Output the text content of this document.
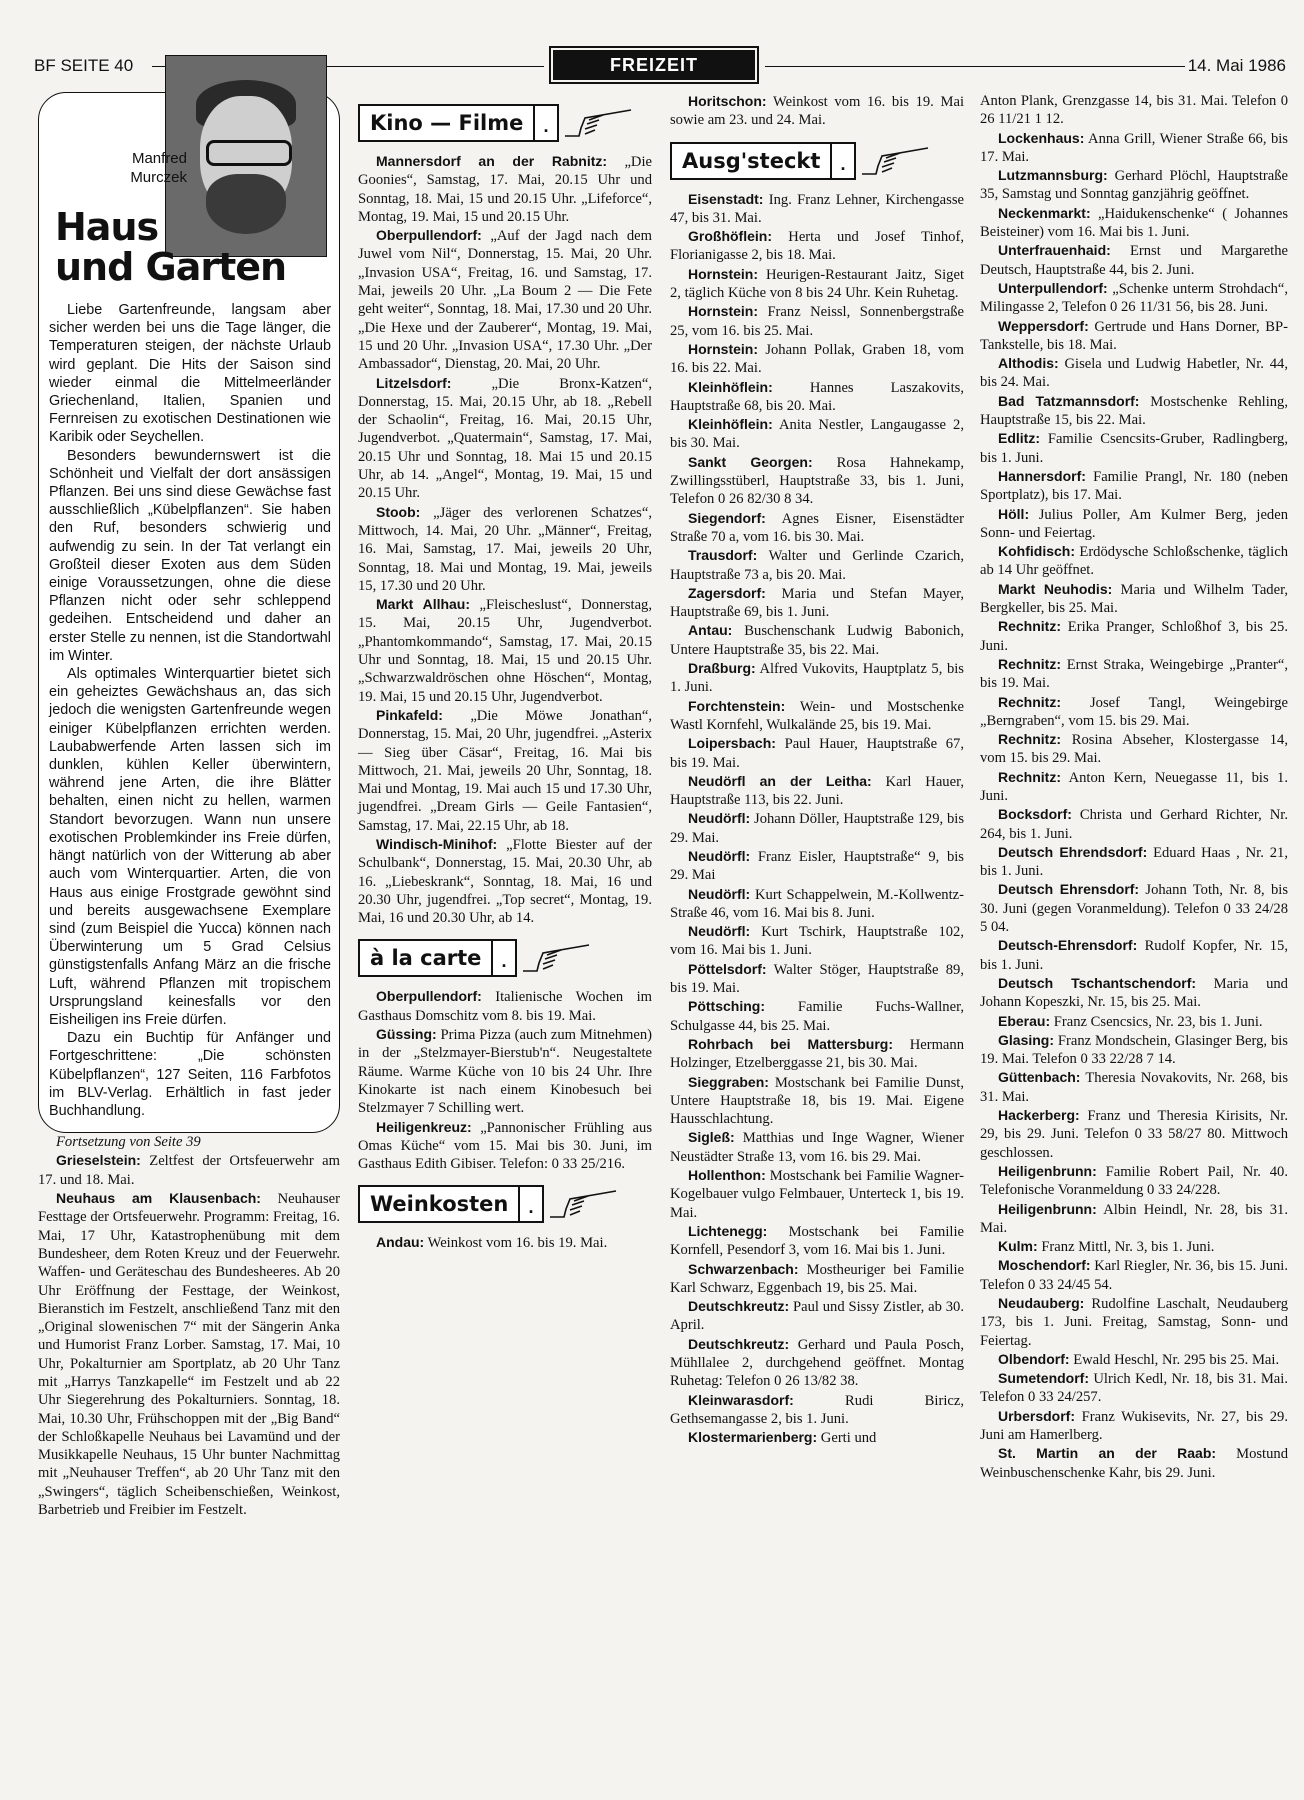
BF SEITE 40	FREIZEIT	14. Mai 1986
Manfred
Murczek
Haus
und Garten

Liebe Gartenfreunde, langsam aber sicher werden bei uns die Tage länger, die Temperaturen steigen, der nächste Urlaub wird geplant. Die Hits der Saison sind wieder einmal die Mittelmeerländer Griechenland, Italien, Spanien und Fernreisen zu exotischen Destinationen wie Karibik oder Seychellen.

Besonders bewundernswert ist die Schönheit und Vielfalt der dort ansässigen Pflanzen. Bei uns sind diese Gewächse fast ausschließlich „Kübelpflanzen“. Sie haben den Ruf, besonders schwierig und aufwendig zu sein. In der Tat verlangt ein Großteil dieser Exoten aus dem Süden einige Voraussetzungen, ohne die diese Pflanzen nicht oder sehr schleppend gedeihen. Entscheidend und daher an erster Stelle zu nennen, ist die Standortwahl im Winter.

Als optimales Winterquartier bietet sich ein geheiztes Gewächshaus an, das sich jedoch die wenigsten Gartenfreunde wegen einiger Kübelpflanzen errichten werden. Laubabwerfende Arten lassen sich im dunklen, kühlen Keller überwintern, während jene Arten, die ihre Blätter behalten, einen nicht zu hellen, warmen Standort bevorzugen. Wann nun unsere exotischen Problemkinder ins Freie dürfen, hängt natürlich von der Witterung ab aber auch vom Winterquartier. Arten, die von Haus aus einige Frostgrade gewöhnt sind und bereits ausgewachsene Exemplare sind (zum Beispiel die Yucca) können nach Überwinterung um 5 Grad Celsius günstigstenfalls Anfang März an die frische Luft, während Pflanzen mit tropischem Ursprungsland keinesfalls vor den Eisheiligen ins Freie dürfen.

Dazu ein Buchtip für Anfänger und Fortgeschrittene: „Die schönsten Kübelpflanzen“, 127 Seiten, 116 Farbfotos im BLV-Verlag. Erhältlich in fast jeder Buchhandlung.

Fortsetzung von Seite 39

Grieselstein: Zeltfest der Ortsfeuerwehr am 17. und 18. Mai.

Neuhaus am Klausenbach: Neuhauser Festtage der Ortsfeuerwehr. Programm: Freitag, 16. Mai, 17 Uhr, Katastrophenübung mit dem Bundesheer, dem Roten Kreuz und der Feuerwehr. Waffen- und Geräteschau des Bundesheeres. Ab 20 Uhr Eröffnung der Festtage, der Weinkost, Bieranstich im Festzelt, anschließend Tanz mit den „Original slowenischen 7“ mit der Sängerin Anka und Humorist Franz Lorber. Samstag, 17. Mai, 10 Uhr, Pokalturnier am Sportplatz, ab 20 Uhr Tanz mit „Harrys Tanzkapelle“ im Festzelt und ab 22 Uhr Siegerehrung des Pokalturniers. Sonntag, 18. Mai, 10.30 Uhr, Frühschoppen mit der „Big Band“ der Schloßkapelle Neuhaus bei Lavamünd und der Musikkapelle Neuhaus, 15 Uhr bunter Nachmittag mit „Neuhauser Treffen“, ab 20 Uhr Tanz mit den „Swingers“, täglich Scheibenschießen, Weinkost, Barbetrieb und Freibier im Festzelt.

Kino — Filme	.

Mannersdorf an der Rabnitz: „Die Goonies“, Samstag, 17. Mai, 20.15 Uhr und Sonntag, 18. Mai, 15 und 20.15 Uhr. „Lifeforce“, Montag, 19. Mai, 15 und 20.15 Uhr.

Oberpullendorf: „Auf der Jagd nach dem Juwel vom Nil“, Donnerstag, 15. Mai, 20 Uhr. „Invasion USA“, Freitag, 16. und Samstag, 17. Mai, jeweils 20 Uhr. „La Boum 2 — Die Fete geht weiter“, Sonntag, 18. Mai, 17.30 und 20 Uhr. „Die Hexe und der Zauberer“, Montag, 19. Mai, 15 und 20 Uhr. „Invasion USA“, 17.30 Uhr. „Der Ambassador“, Dienstag, 20. Mai, 20 Uhr.

Litzelsdorf: „Die Bronx-Katzen“, Donnerstag, 15. Mai, 20.15 Uhr, ab 18. „Rebell der Schaolin“, Freitag, 16. Mai, 20.15 Uhr, Jugendverbot. „Quatermain“, Samstag, 17. Mai, 20.15 Uhr und Sonntag, 18. Mai 15 und 20.15 Uhr, ab 14. „Angel“, Montag, 19. Mai, 15 und 20.15 Uhr.

Stoob: „Jäger des verlorenen Schatzes“, Mittwoch, 14. Mai, 20 Uhr. „Männer“, Freitag, 16. Mai, Samstag, 17. Mai, jeweils 20 Uhr, Sonntag, 18. Mai und Montag, 19. Mai, jeweils 15, 17.30 und 20 Uhr.

Markt Allhau: „Fleischeslust“, Donnerstag, 15. Mai, 20.15 Uhr, Jugendverbot. „Phantomkommando“, Samstag, 17. Mai, 20.15 Uhr und Sonntag, 18. Mai, 15 und 20.15 Uhr. „Schwarzwaldröschen ohne Höschen“, Montag, 19. Mai, 15 und 20.15 Uhr, Jugendverbot.

Pinkafeld: „Die Möwe Jonathan“, Donnerstag, 15. Mai, 20 Uhr, jugendfrei. „Asterix — Sieg über Cäsar“, Freitag, 16. Mai bis Mittwoch, 21. Mai, jeweils 20 Uhr, Sonntag, 18. Mai und Montag, 19. Mai auch 15 und 17.30 Uhr, jugendfrei. „Dream Girls — Geile Fantasien“, Samstag, 17. Mai, 22.15 Uhr, ab 18.

Windisch-Minihof: „Flotte Biester auf der Schulbank“, Donnerstag, 15. Mai, 20.30 Uhr, ab 16. „Liebeskrank“, Sonntag, 18. Mai, 16 und 20.30 Uhr, jugendfrei. „Top secret“, Montag, 19. Mai, 16 und 20.30 Uhr, ab 14.

à la carte	.

Oberpullendorf: Italienische Wochen im Gasthaus Domschitz vom 8. bis 19. Mai.

Güssing: Prima Pizza (auch zum Mitnehmen) in der „Stelzmayer-Bierstub'n“. Neugestaltete Räume. Warme Küche von 10 bis 24 Uhr. Ihre Kinokarte ist nach einem Kinobesuch bei Stelzmayer 7 Schilling wert.

Heiligenkreuz: „Pannonischer Frühling aus Omas Küche“ vom 15. Mai bis 30. Juni, im Gasthaus Edith Gibiser. Telefon: 0 33 25/216.

Weinkosten	.

Andau: Weinkost vom 16. bis 19. Mai.

Horitschon: Weinkost vom 16. bis 19. Mai sowie am 23. und 24. Mai.

Ausg'steckt	.

Eisenstadt: Ing. Franz Lehner, Kirchengasse 47, bis 31. Mai.

Großhöflein: Herta und Josef Tinhof, Florianigasse 2, bis 18. Mai.

Hornstein: Heurigen-Restaurant Jaitz, Siget 2, täglich Küche von 8 bis 24 Uhr. Kein Ruhetag.

Hornstein: Franz Neissl, Sonnenbergstraße 25, vom 16. bis 25. Mai.

Hornstein: Johann Pollak, Graben 18, vom 16. bis 22. Mai.

Kleinhöflein: Hannes Laszakovits, Hauptstraße 68, bis 20. Mai.

Kleinhöflein: Anita Nestler, Langaugasse 2, bis 30. Mai.

Sankt Georgen: Rosa Hahnekamp, Zwillingsstüberl, Hauptstraße 33, bis 1. Juni, Telefon 0 26 82/30 8 34.

Siegendorf: Agnes Eisner, Eisenstädter Straße 70 a, vom 16. bis 30. Mai.

Trausdorf: Walter und Gerlinde Czarich, Hauptstraße 73 a, bis 20. Mai.

Zagersdorf: Maria und Stefan Mayer, Hauptstraße 69, bis 1. Juni.

Antau: Buschenschank Ludwig Babonich, Untere Hauptstraße 35, bis 22. Mai.

Draßburg: Alfred Vukovits, Hauptplatz 5, bis 1. Juni.

Forchtenstein: Wein- und Mostschenke Wastl Kornfehl, Wulkalände 25, bis 19. Mai.

Loipersbach: Paul Hauer, Hauptstraße 67, bis 19. Mai.

Neudörfl an der Leitha: Karl Hauer, Hauptstraße 113, bis 22. Juni.

Neudörfl: Johann Döller, Hauptstraße 129, bis 29. Mai.

Neudörfl: Franz Eisler, Hauptstraße“ 9, bis 29. Mai

Neudörfl: Kurt Schappelwein, M.-Kollwentz-Straße 46, vom 16. Mai bis 8. Juni.

Neudörfl: Kurt Tschirk, Hauptstraße 102, vom 16. Mai bis 1. Juni.

Pöttelsdorf: Walter Stöger, Hauptstraße 89, bis 19. Mai.

Pöttsching: Familie Fuchs-Wallner, Schulgasse 44, bis 25. Mai.

Rohrbach bei Mattersburg: Hermann Holzinger, Etzelberggasse 21, bis 30. Mai.

Sieggraben: Mostschank bei Familie Dunst, Untere Hauptstraße 18, bis 19. Mai. Eigene Hausschlachtung.

Sigleß: Matthias und Inge Wagner, Wiener Neustädter Straße 13, vom 16. bis 29. Mai.

Hollenthon: Mostschank bei Familie Wagner-Kogelbauer vulgo Felmbauer, Unterteck 1, bis 19. Mai.

Lichtenegg: Mostschank bei Familie Kornfell, Pesendorf 3, vom 16. Mai bis 1. Juni.

Schwarzenbach: Mostheuriger bei Familie Karl Schwarz, Eggenbach 19, bis 25. Mai.

Deutschkreutz: Paul und Sissy Zistler, ab 30. April.

Deutschkreutz: Gerhard und Paula Posch, Mühllalee 2, durchgehend geöffnet. Montag Ruhetag: Telefon 0 26 13/82 38.

Kleinwarasdorf: Rudi Biricz, Gethsemangasse 2, bis 1. Juni.

Klostermarienberg: Gerti und

Anton Plank, Grenzgasse 14, bis 31. Mai. Telefon 0 26 11/21 1 12.

Lockenhaus: Anna Grill, Wiener Straße 66, bis 17. Mai.

Lutzmannsburg: Gerhard Plöchl, Hauptstraße 35, Samstag und Sonntag ganzjährig geöffnet.

Neckenmarkt: „Haidukenschenke“ ( Johannes Beisteiner) vom 16. Mai bis 1. Juni.

Unterfrauenhaid: Ernst und Margarethe Deutsch, Hauptstraße 44, bis 2. Juni.

Unterpullendorf: „Schenke unterm Strohdach“, Milingasse 2, Telefon 0 26 11/31 56, bis 28. Juni.

Weppersdorf: Gertrude und Hans Dorner, BP-Tankstelle, bis 18. Mai.

Althodis: Gisela und Ludwig Habetler, Nr. 44, bis 24. Mai.

Bad Tatzmannsdorf: Mostschenke Rehling, Hauptstraße 15, bis 22. Mai.

Edlitz: Familie Csencsits-Gruber, Radlingberg, bis 1. Juni.

Hannersdorf: Familie Prangl, Nr. 180 (neben Sportplatz), bis 17. Mai.

Höll: Julius Poller, Am Kulmer Berg, jeden Sonn- und Feiertag.

Kohfidisch: Erdödysche Schloßschenke, täglich ab 14 Uhr geöffnet.

Markt Neuhodis: Maria und Wilhelm Tader, Bergkeller, bis 25. Mai.

Rechnitz: Erika Pranger, Schloßhof 3, bis 25. Juni.

Rechnitz: Ernst Straka, Weingebirge „Pranter“, bis 19. Mai.

Rechnitz: Josef Tangl, Weingebirge „Berngraben“, vom 15. bis 29. Mai.

Rechnitz: Rosina Abseher, Klostergasse 14, vom 15. bis 29. Mai.

Rechnitz: Anton Kern, Neuegasse 11, bis 1. Juni.

Bocksdorf: Christa und Gerhard Richter, Nr. 264, bis 1. Juni.

Deutsch Ehrendsdorf: Eduard Haas , Nr. 21, bis 1. Juni.

Deutsch Ehrensdorf: Johann Toth, Nr. 8, bis 30. Juni (gegen Voranmeldung). Telefon 0 33 24/28 5 04.

Deutsch-Ehrensdorf: Rudolf Kopfer, Nr. 15, bis 1. Juni.

Deutsch Tschantschendorf: Maria und Johann Kopeszki, Nr. 15, bis 25. Mai.

Eberau: Franz Csencsics, Nr. 23, bis 1. Juni.

Glasing: Franz Mondschein, Glasinger Berg, bis 19. Mai. Telefon 0 33 22/28 7 14.

Güttenbach: Theresia Novakovits, Nr. 268, bis 31. Mai.

Hackerberg: Franz und Theresia Kirisits, Nr. 29, bis 29. Juni. Telefon 0 33 58/27 80. Mittwoch geschlossen.

Heiligenbrunn: Familie Robert Pail, Nr. 40. Telefonische Voranmeldung 0 33 24/228.

Heiligenbrunn: Albin Heindl, Nr. 28, bis 31. Mai.

Kulm: Franz Mittl, Nr. 3, bis 1. Juni.

Moschendorf: Karl Riegler, Nr. 36, bis 15. Juni. Telefon 0 33 24/45 54.

Neudauberg: Rudolfine Laschalt, Neudauberg 173, bis 1. Juni. Freitag, Samstag, Sonn- und Feiertag.

Olbendorf: Ewald Heschl, Nr. 295 bis 25. Mai.

Sumetendorf: Ulrich Kedl, Nr. 18, bis 31. Mai. Telefon 0 33 24/257.

Urbersdorf: Franz Wukisevits, Nr. 27, bis 29. Juni am Hamerlberg.

St. Martin an der Raab: Mostund Weinbuschenschenke Kahr, bis 29. Juni.
